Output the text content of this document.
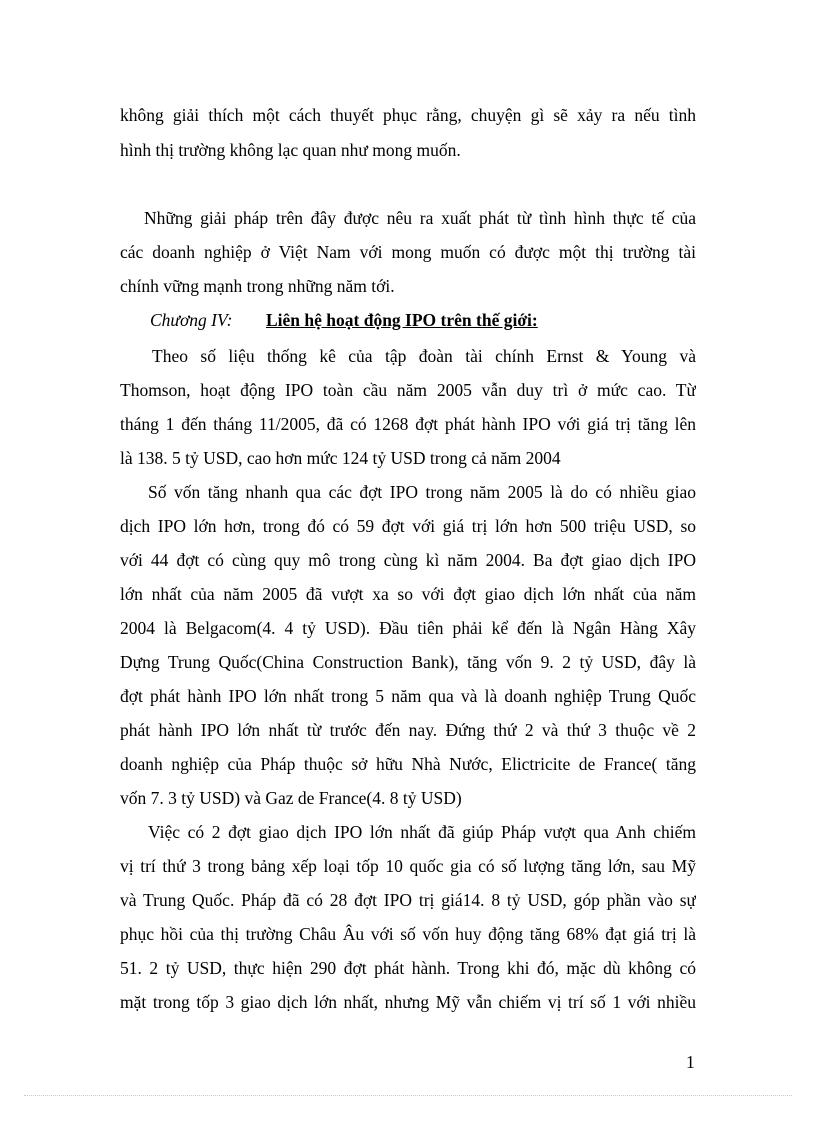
không giải thích một cách thuyết phục rằng, chuyện gì sẽ xảy ra nếu tình
hình thị trường không lạc quan như mong muốn.
Những giải pháp trên đây được nêu ra xuất phát từ tình hình thực tế của
các doanh nghiệp ở Việt Nam với mong muốn có được một thị trường tài
chính vững mạnh trong những năm tới.
Chương IV: Liên hệ hoạt động IPO trên thế giới:
Theo số liệu thống kê của tập đoàn tài chính Ernst & Young và
Thomson, hoạt động IPO toàn cầu năm 2005 vẫn duy trì ở mức cao. Từ
tháng 1 đến tháng 11/2005, đã có 1268 đợt phát hành IPO với giá trị tăng lên
là 138. 5 tỷ USD, cao hơn mức 124 tỷ USD trong cả năm 2004
Số vốn tăng nhanh qua các đợt IPO trong năm 2005 là do có nhiều giao
dịch IPO lớn hơn, trong đó có 59 đợt với giá trị lớn hơn 500 triệu USD, so
với 44 đợt có cùng quy mô trong cùng kì năm 2004. Ba đợt giao dịch IPO
lớn nhất của năm 2005 đã vượt xa so với đợt giao dịch lớn nhất của năm
2004 là Belgacom(4. 4 tỷ USD). Đầu tiên phải kể đến là Ngân Hàng Xây
Dựng Trung Quốc(China Construction Bank), tăng vốn 9. 2 tỷ USD, đây là
đợt phát hành IPO lớn nhất trong 5 năm qua và là doanh nghiệp Trung Quốc
phát hành IPO lớn nhất từ trước đến nay. Đứng thứ 2 và thứ 3 thuộc về 2
doanh nghiệp của Pháp thuộc sở hữu Nhà Nước, Elictricite de France( tăng
vốn 7. 3 tỷ USD) và Gaz de France(4. 8 tỷ USD)
Việc có 2 đợt giao dịch IPO lớn nhất đã giúp Pháp vượt qua Anh chiếm
vị trí thứ 3 trong bảng xếp loại tốp 10 quốc gia có số lượng tăng lớn, sau Mỹ
và Trung Quốc. Pháp đã có 28 đợt IPO trị giá14. 8 tỷ USD, góp phần vào sự
phục hồi của thị trường Châu Âu với số vốn huy động tăng 68% đạt giá trị là
51. 2 tỷ USD, thực hiện 290 đợt phát hành. Trong khi đó, mặc dù không có
mặt trong tốp 3 giao dịch lớn nhất, nhưng Mỹ vẫn chiếm vị trí số 1 với nhiều
1
